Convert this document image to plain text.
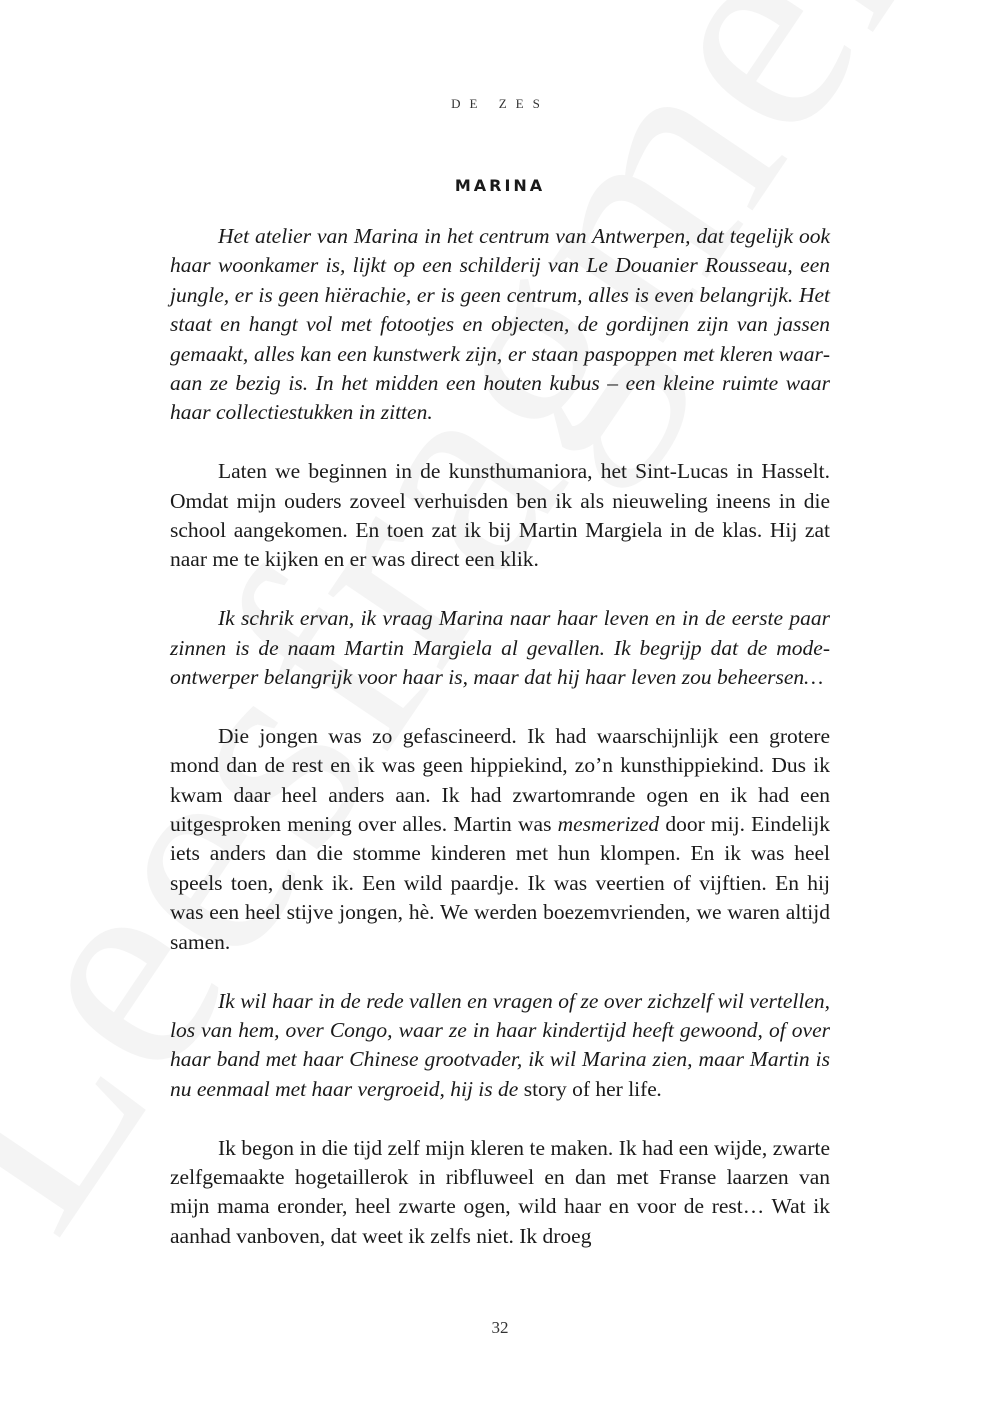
DE ZES
MARINA

Het atelier van Marina in het centrum van Antwerpen, dat tegelijk ook haar woonkamer is, lijkt op een schilderij van Le Douanier Rousseau, een jungle, er is geen hiërachie, er is geen centrum, alles is even belangrijk. Het staat en hangt vol met fotootjes en objecten, de gordijnen zijn van jassen gemaakt, alles kan een kunstwerk zijn, er staan paspoppen met kleren waaraan ze bezig is. In het midden een houten kubus – een kleine ruimte waar haar collectiestukken in zitten.

Laten we beginnen in de kunsthumaniora, het Sint-Lucas in Hasselt. Omdat mijn ouders zoveel verhuisden ben ik als nieuweling ineens in die school aangekomen. En toen zat ik bij Martin Margiela in de klas. Hij zat naar me te kijken en er was direct een klik.

Ik schrik ervan, ik vraag Marina naar haar leven en in de eerste paar zinnen is de naam Martin Margiela al gevallen. Ik begrijp dat de modeontwerper belangrijk voor haar is, maar dat hij haar leven zou beheersen…

Die jongen was zo gefascineerd. Ik had waarschijnlijk een grotere mond dan de rest en ik was geen hippiekind, zo’n kunsthippiekind. Dus ik kwam daar heel anders aan. Ik had zwartomrande ogen en ik had een uitgesproken mening over alles. Martin was mesmerized door mij. Eindelijk iets anders dan die stomme kinderen met hun klompen. En ik was heel speels toen, denk ik. Een wild paardje. Ik was veertien of vijftien. En hij was een heel stijve jongen, hè. We werden boezemvrienden, we waren altijd samen.

Ik wil haar in de rede vallen en vragen of ze over zichzelf wil vertellen, los van hem, over Congo, waar ze in haar kindertijd heeft gewoond, of over haar band met haar Chinese grootvader, ik wil Marina zien, maar Martin is nu eenmaal met haar vergroeid, hij is de story of her life.

Ik begon in die tijd zelf mijn kleren te maken. Ik had een wijde, zwarte zelfgemaakte hogetaillerok in ribfluweel en dan met Franse laarzen van mijn mama eronder, heel zwarte ogen, wild haar en voor de rest… Wat ik aanhad vanboven, dat weet ik zelfs niet. Ik droeg

32
